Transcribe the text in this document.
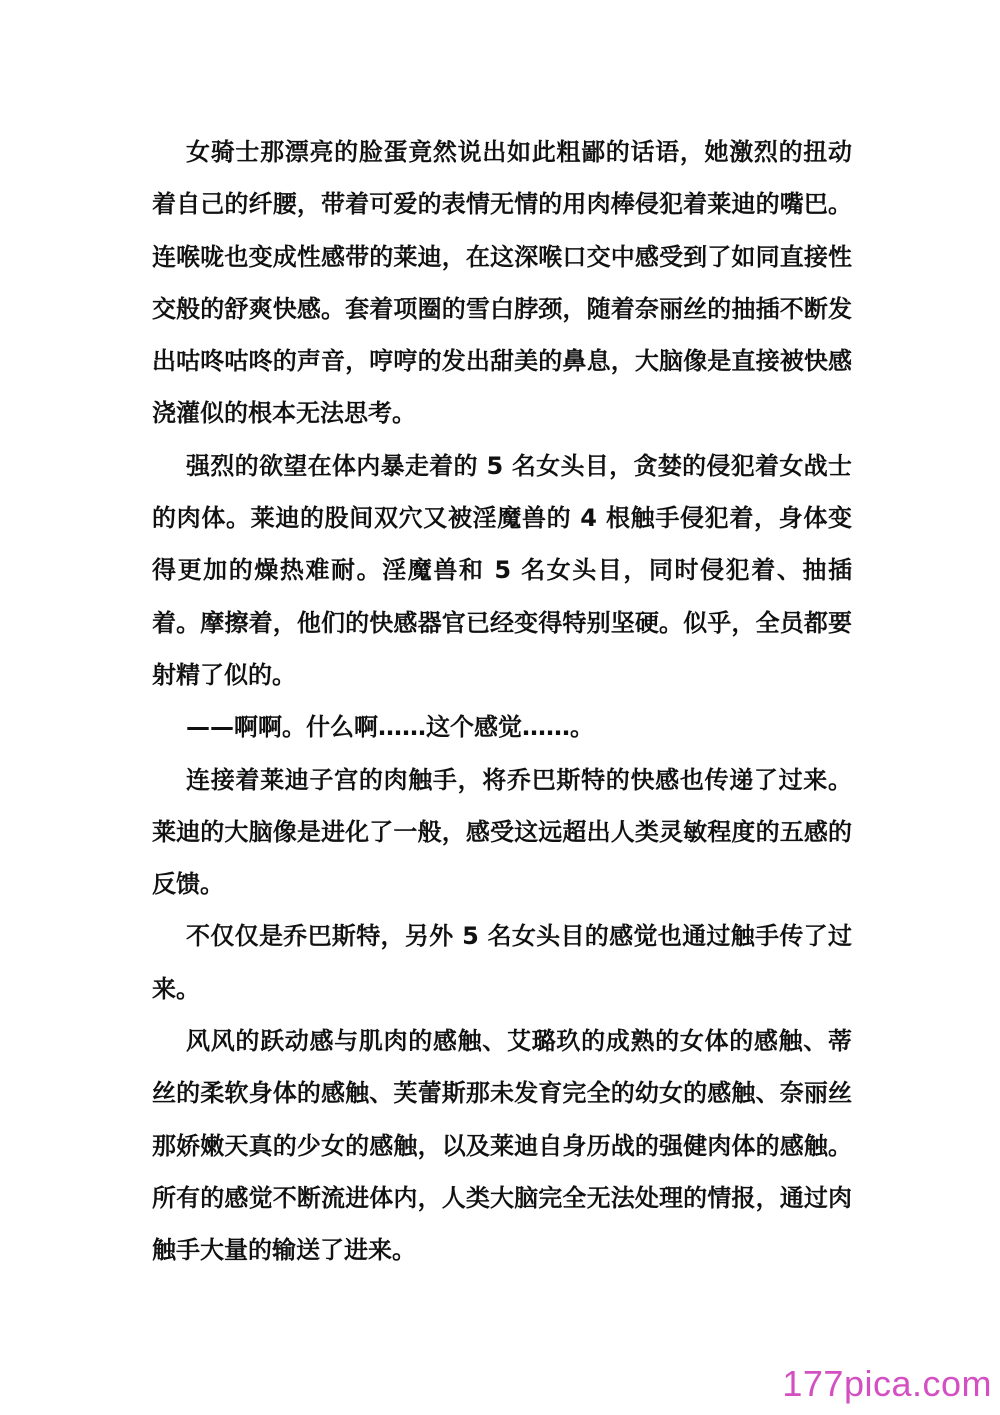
女骑士那漂亮的脸蛋竟然说出如此粗鄙的话语，她激烈的扭动着自己的纤腰，带着可爱的表情无情的用肉棒侵犯着莱迪的嘴巴。连喉咙也变成性感带的莱迪，在这深喉口交中感受到了如同直接性交般的舒爽快感。套着项圈的雪白脖颈，随着奈丽丝的抽插不断发出咕咚咕咚的声音，哼哼的发出甜美的鼻息，大脑像是直接被快感浇灌似的根本无法思考。

强烈的欲望在体内暴走着的 5 名女头目，贪婪的侵犯着女战士的肉体。莱迪的股间双穴又被淫魔兽的 4 根触手侵犯着，身体变得更加的燥热难耐。淫魔兽和 5 名女头目，同时侵犯着、抽插着。摩擦着，他们的快感器官已经变得特别坚硬。似乎，全员都要射精了似的。

——啊啊。什么啊……这个感觉……。

连接着莱迪子宫的肉触手，将乔巴斯特的快感也传递了过来。莱迪的大脑像是进化了一般，感受这远超出人类灵敏程度的五感的反馈。

不仅仅是乔巴斯特，另外 5 名女头目的感觉也通过触手传了过来。

风风的跃动感与肌肉的感触、艾璐玖的成熟的女体的感触、蒂丝的柔软身体的感触、芙蕾斯那未发育完全的幼女的感触、奈丽丝那娇嫩天真的少女的感触，以及莱迪自身历战的强健肉体的感触。所有的感觉不断流进体内，人类大脑完全无法处理的情报，通过肉触手大量的输送了进来。

177pica.com
